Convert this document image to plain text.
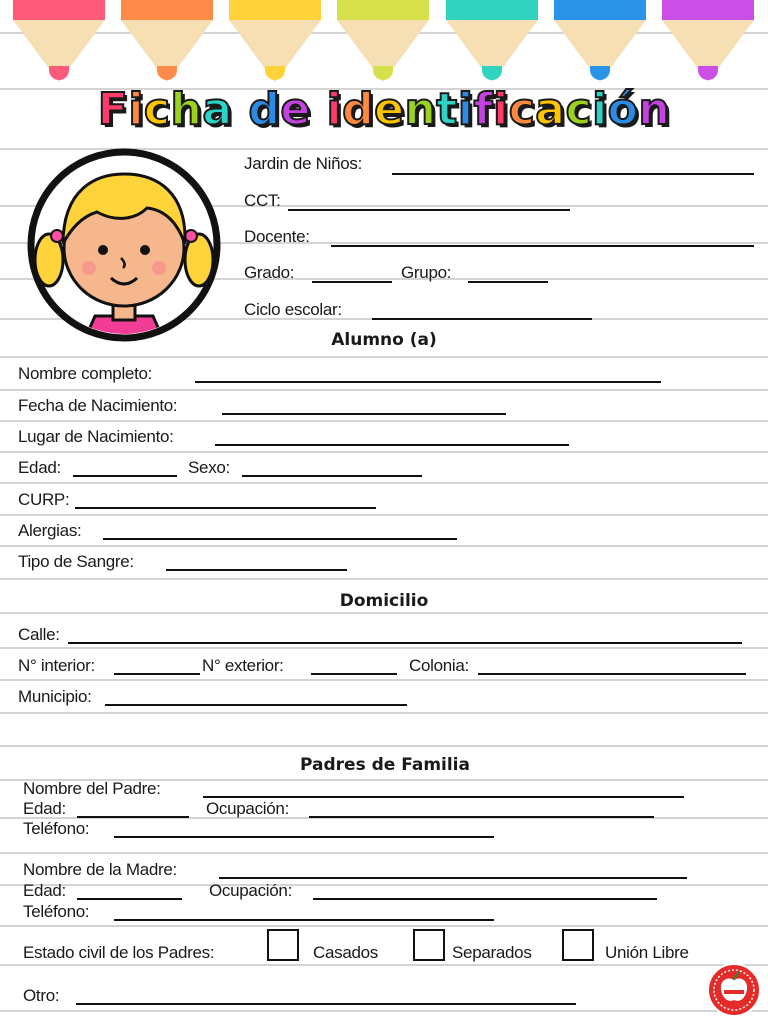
Ficha de identificación
Jardin de Niños:
CCT:
Docente:
Grado:	Grupo:
Ciclo escolar:
Alumno (a)
Nombre completo:
Fecha de Nacimiento:
Lugar de Nacimiento:
Edad:	Sexo:
CURP:
Alergias:
Tipo de Sangre:
Domicilio
Calle:
N° interior:	N° exterior:	Colonia:
Municipio:
Padres de Familia
Nombre del Padre:
Edad:	Ocupación:
Teléfono:
Nombre de la Madre:
Edad:	Ocupación:
Teléfono:
Estado civil de los Padres:	Casados	Separados	Unión Libre
Otro:
